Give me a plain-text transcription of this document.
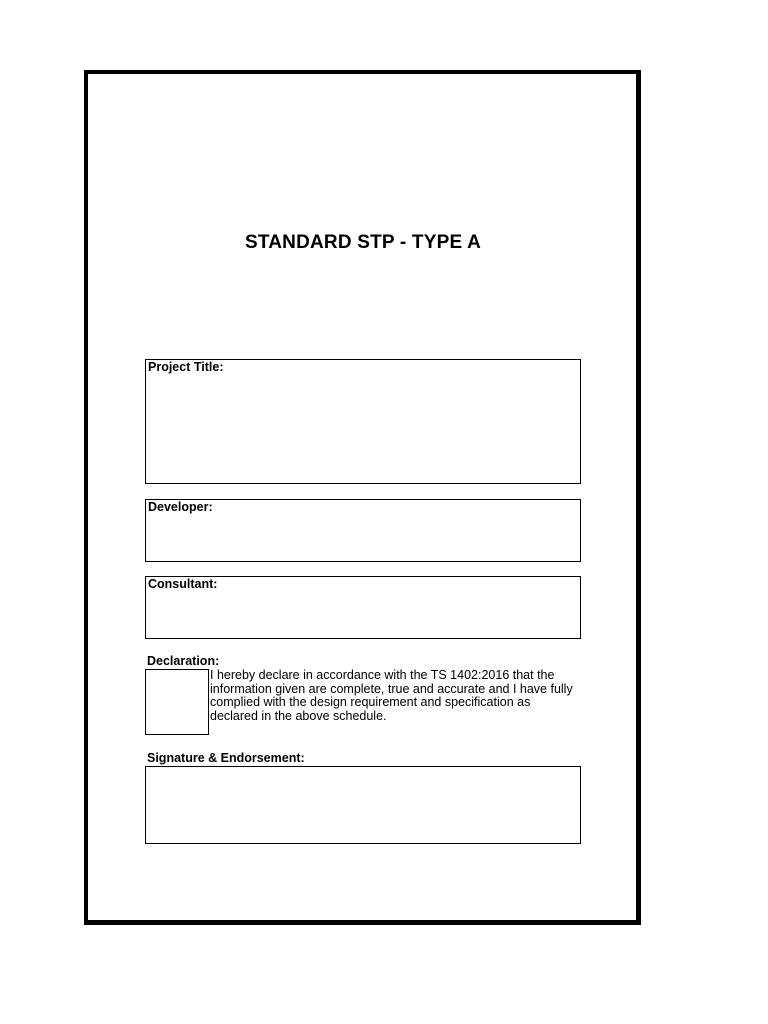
STANDARD STP - TYPE A
Project Title:
Developer:
Consultant:
Declaration:
I hereby declare in accordance with the TS 1402:2016 that the information given are complete, true and accurate and I have fully complied with the design requirement and specification as declared in the above schedule.
Signature & Endorsement:
